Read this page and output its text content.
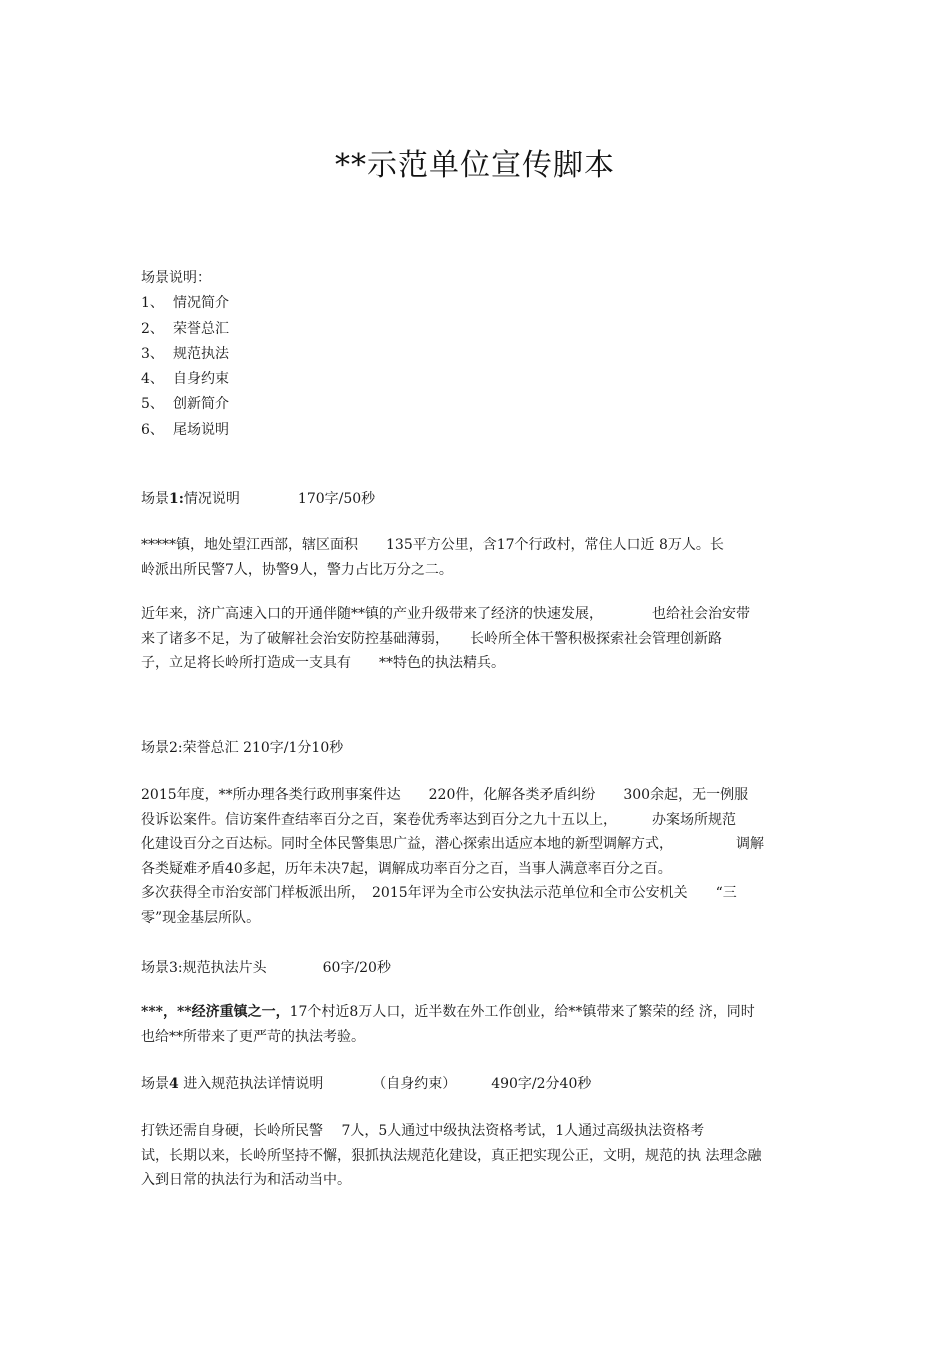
**示范单位宣传脚本
场景说明：
1、 情况简介
2、 荣誉总汇
3、 规范执法
4、 自身约束
5、 创新简介
6、 尾场说明
场景1:情况说明	170字/50秒
*****镇，地处望江西部，辖区面积　　135平方公里，含17个行政村，常住人口近 8万人。长
岭派出所民警7人，协警9人，警力占比万分之二。
近年来，济广高速入口的开通伴随**镇的产业升级带来了经济的快速发展，　　　　也给社会治安带
来了诸多不足，为了破解社会治安防控基础薄弱，　　长岭所全体干警积极探索社会管理创新路
子，立足将长岭所打造成一支具有　　**特色的执法精兵。
场景2:荣誉总汇 210字/1分10秒
2015年度，**所办理各类行政刑事案件达　　220件，化解各类矛盾纠纷　　300余起，无一例服
役诉讼案件。信访案件查结率百分之百，案卷优秀率达到百分之九十五以上，　　　办案场所规范
化建设百分之百达标。同时全体民警集思广益，潜心探索出适应本地的新型调解方式，　　　　　调解
各类疑难矛盾40多起，历年未决7起，调解成功率百分之百，当事人满意率百分之百。
多次获得全市治安部门样板派出所，　2015年评为全市公安执法示范单位和全市公安机关　　“三
零”现金基层所队。
场景3:规范执法片头　　　　60字/20秒
***，**经济重镇之一，17个村近8万人口，近半数在外工作创业，给**镇带来了繁荣的经 济，同时
也给**所带来了更严苛的执法考验。
场景4 进入规范执法详情说明　　　　（自身约束）　　　490字/2分40秒
打铁还需自身硬，长岭所民警　 7人，5人通过中级执法资格考试，1人通过高级执法资格考
试，长期以来，长岭所坚持不懈，狠抓执法规范化建设，真正把实现公正，文明，规范的执 法理念融
入到日常的执法行为和活动当中。
